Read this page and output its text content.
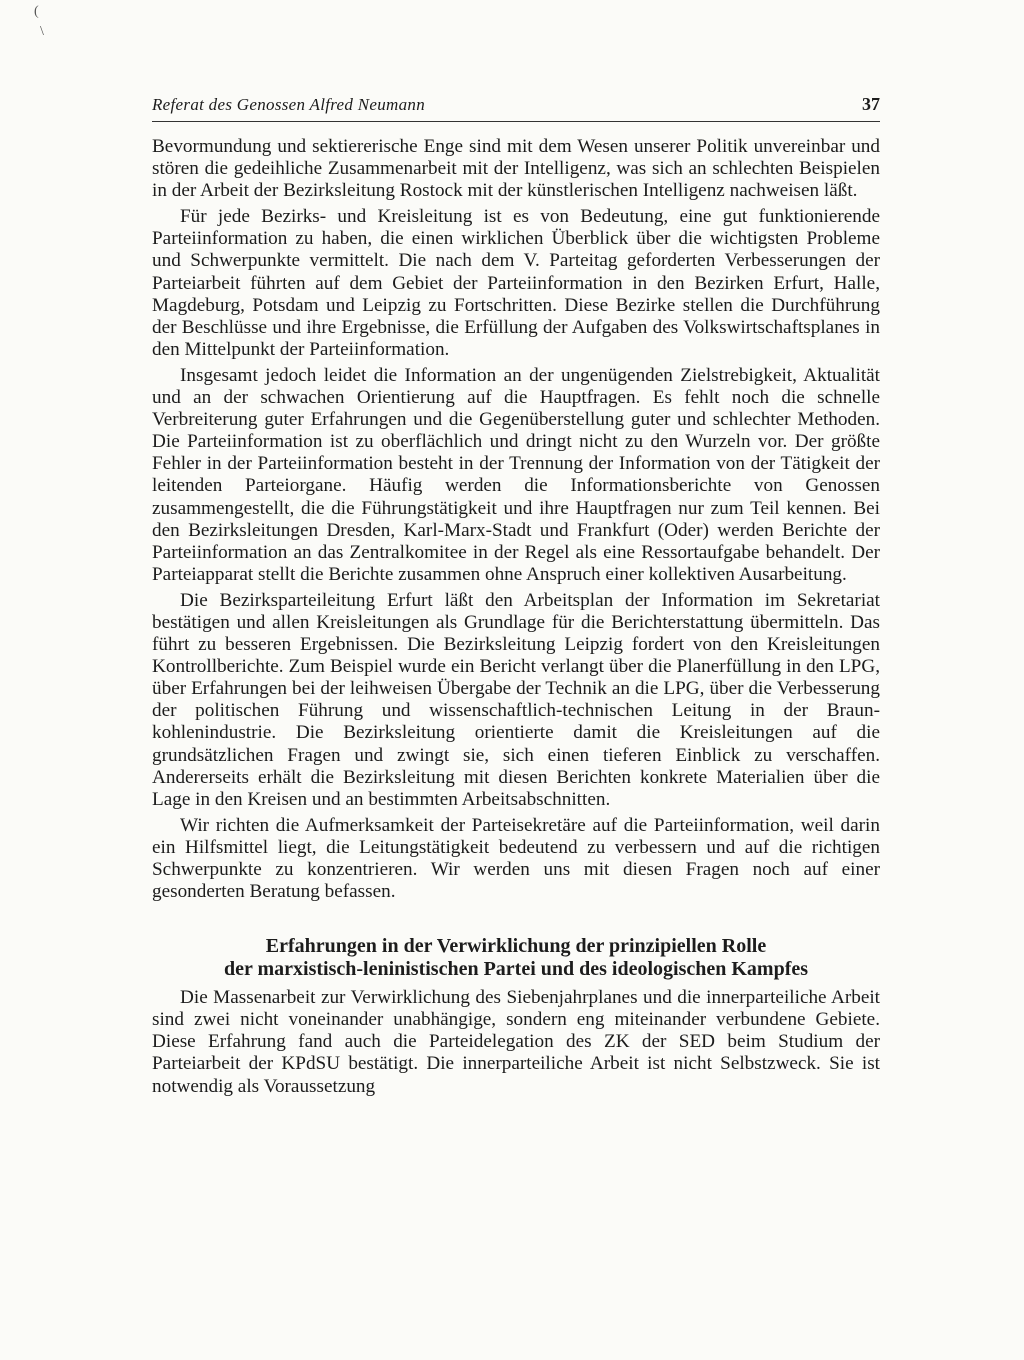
(
\
Referat des Genossen Alfred Neumann	37

Bevormundung und sektiererische Enge sind mit dem Wesen unserer Politik unvereinbar und stören die gedeihliche Zusammenarbeit mit der Intelligenz, was sich an schlechten Beispielen in der Arbeit der Bezirksleitung Rostock mit der künstlerischen Intelligenz nachweisen läßt.

Für jede Bezirks- und Kreisleitung ist es von Bedeutung, eine gut funktionierende Parteiinformation zu haben, die einen wirklichen Überblick über die wichtigsten Probleme und Schwerpunkte vermittelt. Die nach dem V. Parteitag geforderten Verbesserungen der Parteiarbeit führten auf dem Gebiet der Parteiinformation in den Bezirken Erfurt, Halle, Magdeburg, Potsdam und Leipzig zu Fortschritten. Diese Bezirke stellen die Durchführung der Beschlüsse und ihre Ergebnisse, die Erfüllung der Aufgaben des Volkswirtschaftsplanes in den Mittelpunkt der Parteiinformation.

Insgesamt jedoch leidet die Information an der ungenügenden Zielstrebigkeit, Aktualität und an der schwachen Orientierung auf die Hauptfragen. Es fehlt noch die schnelle Verbreiterung guter Erfahrungen und die Gegenüberstellung guter und schlechter Methoden. Die Parteiinformation ist zu oberflächlich und dringt nicht zu den Wurzeln vor. Der größte Fehler in der Parteiinformation besteht in der Trennung der Information von der Tätigkeit der leitenden Parteiorgane. Häufig werden die Informationsberichte von Genossen zusammengestellt, die die Führungstätigkeit und ihre Hauptfragen nur zum Teil kennen. Bei den Bezirksleitungen Dresden, Karl-Marx-Stadt und Frankfurt (Oder) werden Berichte der Parteiinformation an das Zentralkomitee in der Regel als eine Ressortaufgabe behandelt. Der Parteiapparat stellt die Berichte zusammen ohne Anspruch einer kollektiven Ausarbeitung.

Die Bezirksparteileitung Erfurt läßt den Arbeitsplan der Information im Sekretariat bestätigen und allen Kreisleitungen als Grundlage für die Berichterstattung übermitteln. Das führt zu besseren Ergebnissen. Die Bezirksleitung Leipzig fordert von den Kreisleitungen Kontrollberichte. Zum Beispiel wurde ein Bericht verlangt über die Planerfüllung in den LPG, über Erfahrungen bei der leihweisen Übergabe der Technik an die LPG, über die Verbesserung der politischen Führung und wissenschaftlich-technischen Leitung in der Braunkohlenindustrie. Die Bezirksleitung orientierte damit die Kreisleitungen auf die grundsätzlichen Fragen und zwingt sie, sich einen tieferen Einblick zu verschaffen. Andererseits erhält die Bezirksleitung mit diesen Berichten konkrete Materialien über die Lage in den Kreisen und an bestimmten Arbeitsabschnitten.

Wir richten die Aufmerksamkeit der Parteisekretäre auf die Parteiinformation, weil darin ein Hilfsmittel liegt, die Leitungstätigkeit bedeutend zu verbessern und auf die richtigen Schwerpunkte zu konzentrieren. Wir werden uns mit diesen Fragen noch auf einer gesonderten Beratung befassen.

Erfahrungen in der Verwirklichung der prinzipiellen Rolle
der marxistisch-leninistischen Partei und des ideologischen Kampfes

Die Massenarbeit zur Verwirklichung des Siebenjahrplanes und die innerparteiliche Arbeit sind zwei nicht voneinander unabhängige, sondern eng miteinander verbundene Gebiete. Diese Erfahrung fand auch die Parteidelegation des ZK der SED beim Studium der Parteiarbeit der KPdSU bestätigt. Die innerparteiliche Arbeit ist nicht Selbstzweck. Sie ist notwendig als Voraussetzung
